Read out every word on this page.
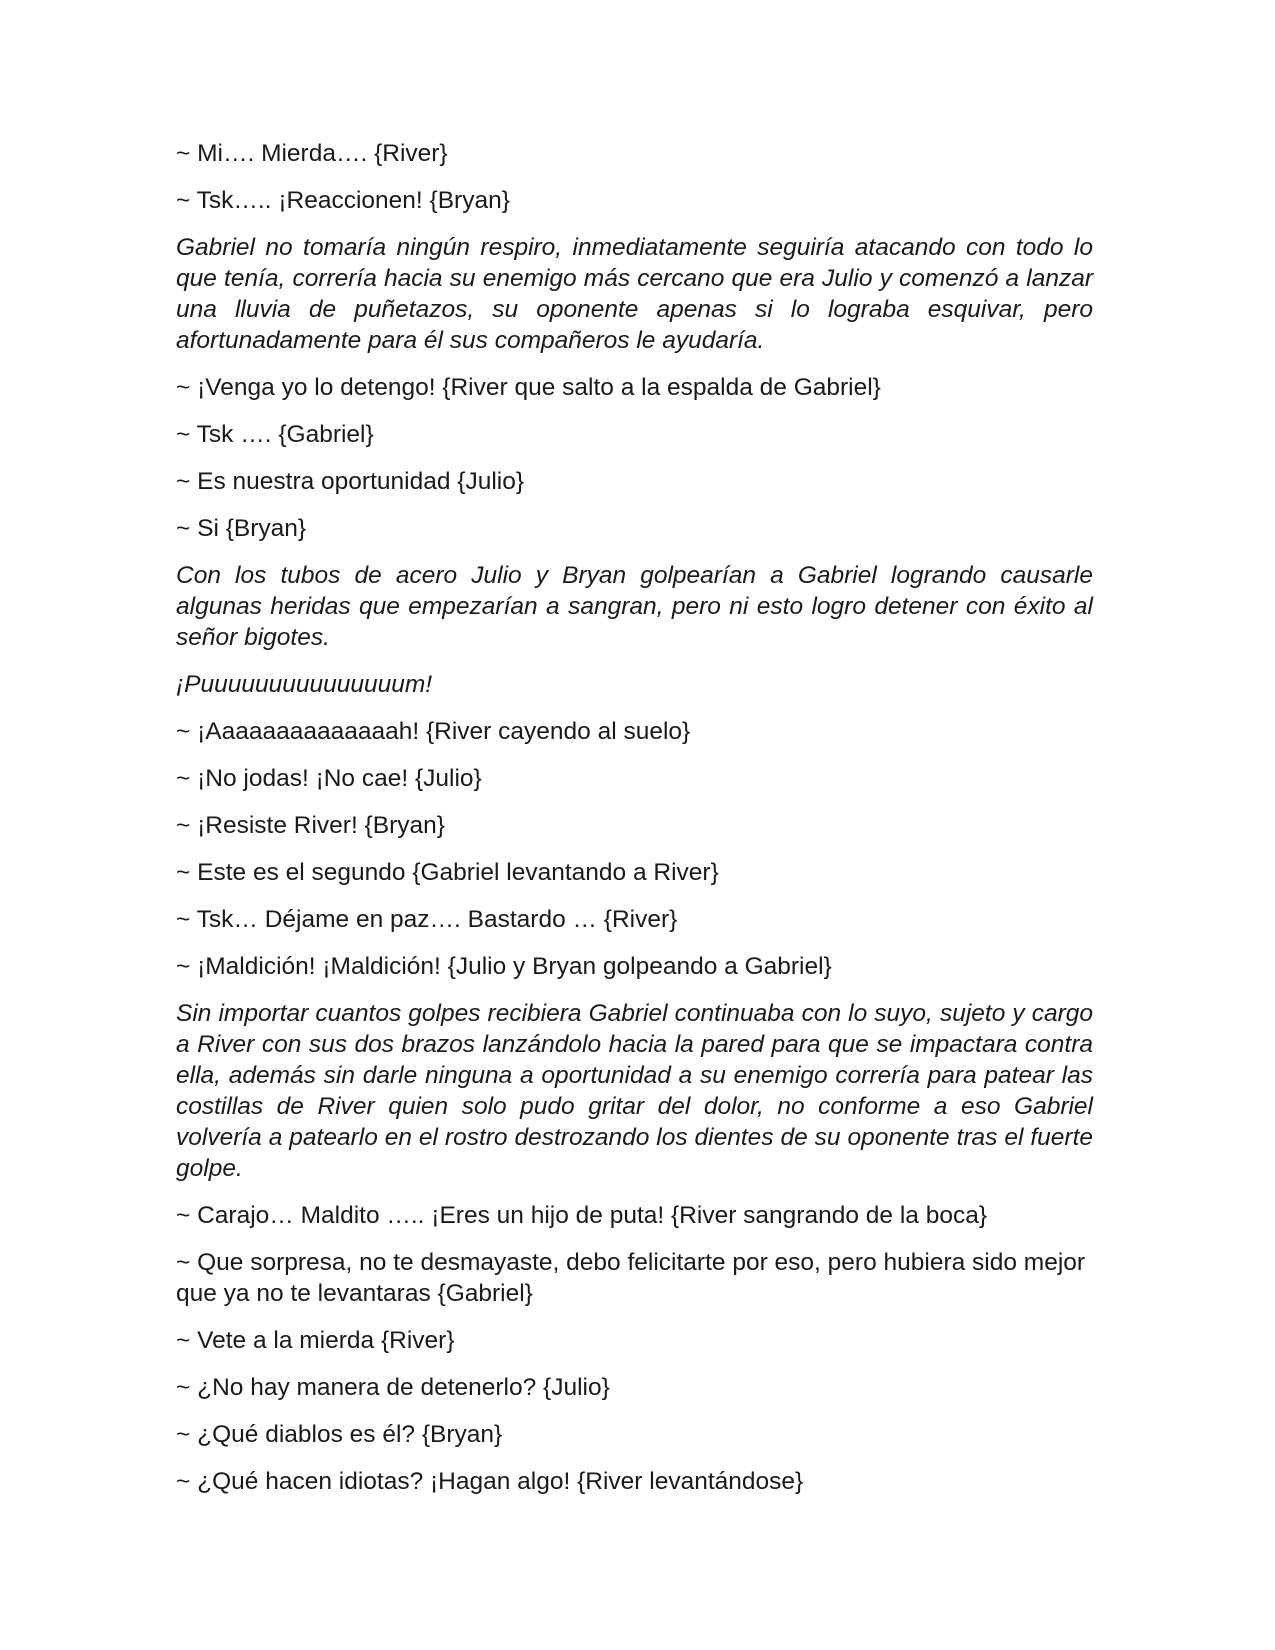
~ Mi…. Mierda…. {River}

~ Tsk….. ¡Reaccionen! {Bryan}

Gabriel no tomaría ningún respiro, inmediatamente seguiría atacando con todo lo que tenía, correría hacia su enemigo más cercano que era Julio y comenzó a lanzar una lluvia de puñetazos, su oponente apenas si lo lograba esquivar, pero afortunadamente para él sus compañeros le ayudaría.

~ ¡Venga yo lo detengo! {River que salto a la espalda de Gabriel}

~ Tsk …. {Gabriel}

~ Es nuestra oportunidad {Julio}

~ Si {Bryan}

Con los tubos de acero Julio y Bryan golpearían a Gabriel logrando causarle algunas heridas que empezarían a sangran, pero ni esto logro detener con éxito al señor bigotes.

¡Puuuuuuuuuuuuuuum!

~ ¡Aaaaaaaaaaaaaah! {River cayendo al suelo}

~ ¡No jodas! ¡No cae! {Julio}

~ ¡Resiste River! {Bryan}

~ Este es el segundo {Gabriel levantando a River}

~ Tsk… Déjame en paz…. Bastardo … {River}

~ ¡Maldición! ¡Maldición! {Julio y Bryan golpeando a Gabriel}

Sin importar cuantos golpes recibiera Gabriel continuaba con lo suyo, sujeto y cargo a River con sus dos brazos lanzándolo hacia la pared para que se impactara contra ella, además sin darle ninguna a oportunidad a su enemigo correría para patear las costillas de River quien solo pudo gritar del dolor, no conforme a eso Gabriel volvería a patearlo en el rostro destrozando los dientes de su oponente tras el fuerte golpe.

~ Carajo… Maldito ….. ¡Eres un hijo de puta! {River sangrando de la boca}

~ Que sorpresa, no te desmayaste, debo felicitarte por eso, pero hubiera sido mejor que ya no te levantaras {Gabriel}

~ Vete a la mierda {River}

~ ¿No hay manera de detenerlo? {Julio}

~ ¿Qué diablos es él? {Bryan}

~ ¿Qué hacen idiotas? ¡Hagan algo! {River levantándose}
